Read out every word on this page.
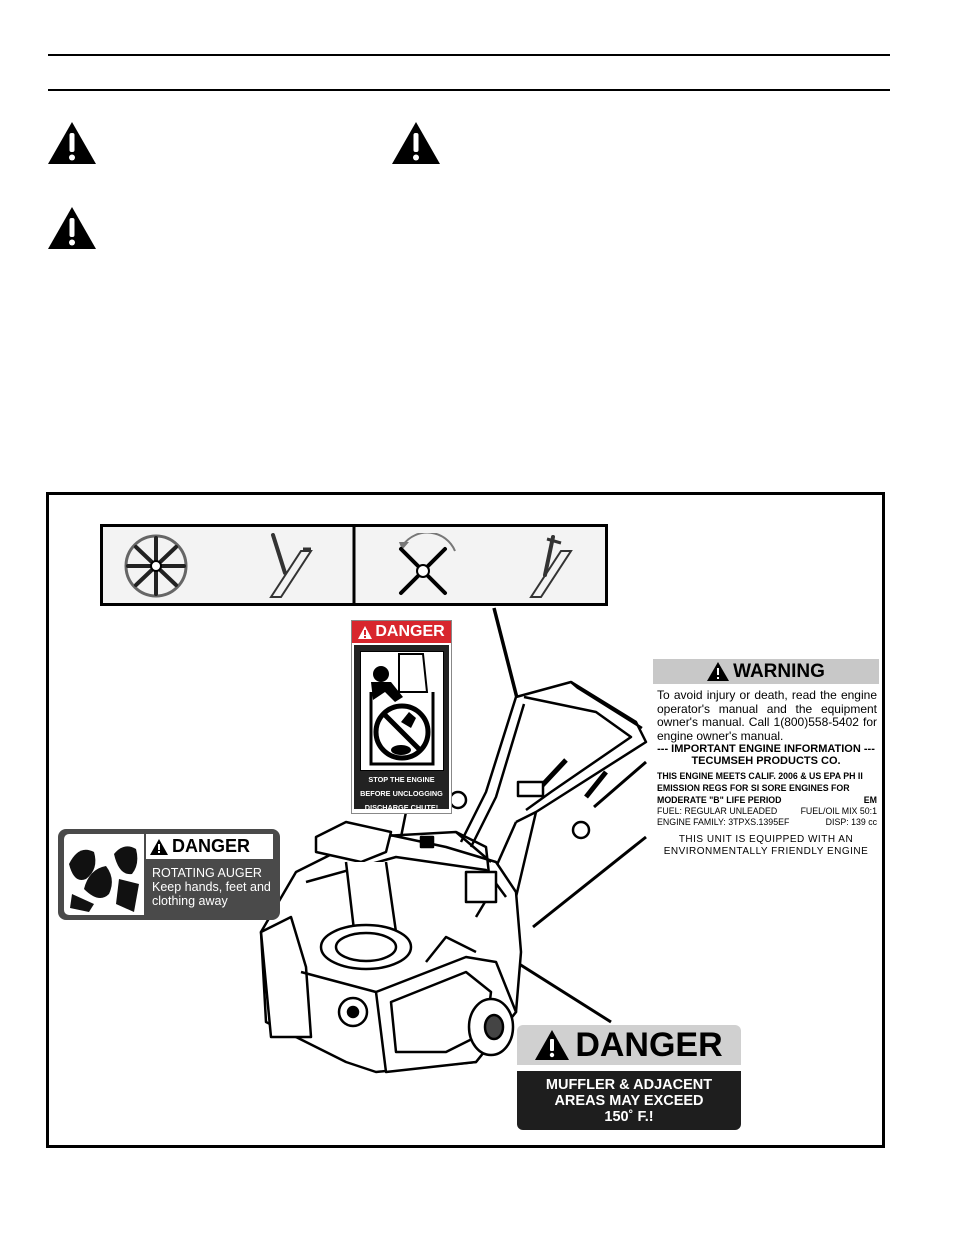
DANGER
STOP THE ENGINE
BEFORE UNCLOGGING
DISCHARGE CHUTE!
DANGER
ROTATING AUGER
Keep hands, feet and clothing away
WARNING
To avoid injury or death, read the engine operator's manual and the equipment owner's manual. Call 1(800)558-5402 for engine owner's manual.
--- IMPORTANT ENGINE INFORMATION ---
TECUMSEH PRODUCTS CO.
THIS ENGINE MEETS CALIF. 2006 & US EPA PH II
EMISSION REGS FOR SI SORE ENGINES FOR
MODERATE "B" LIFE PERIOD	EM
FUEL: REGULAR UNLEADED	FUEL/OIL MIX 50:1
ENGINE FAMILY: 3TPXS.1395EF	DISP: 139 cc
THIS UNIT IS EQUIPPED WITH AN
ENVIRONMENTALLY FRIENDLY ENGINE
DANGER
MUFFLER & ADJACENT
AREAS MAY EXCEED
150˚ F.!
